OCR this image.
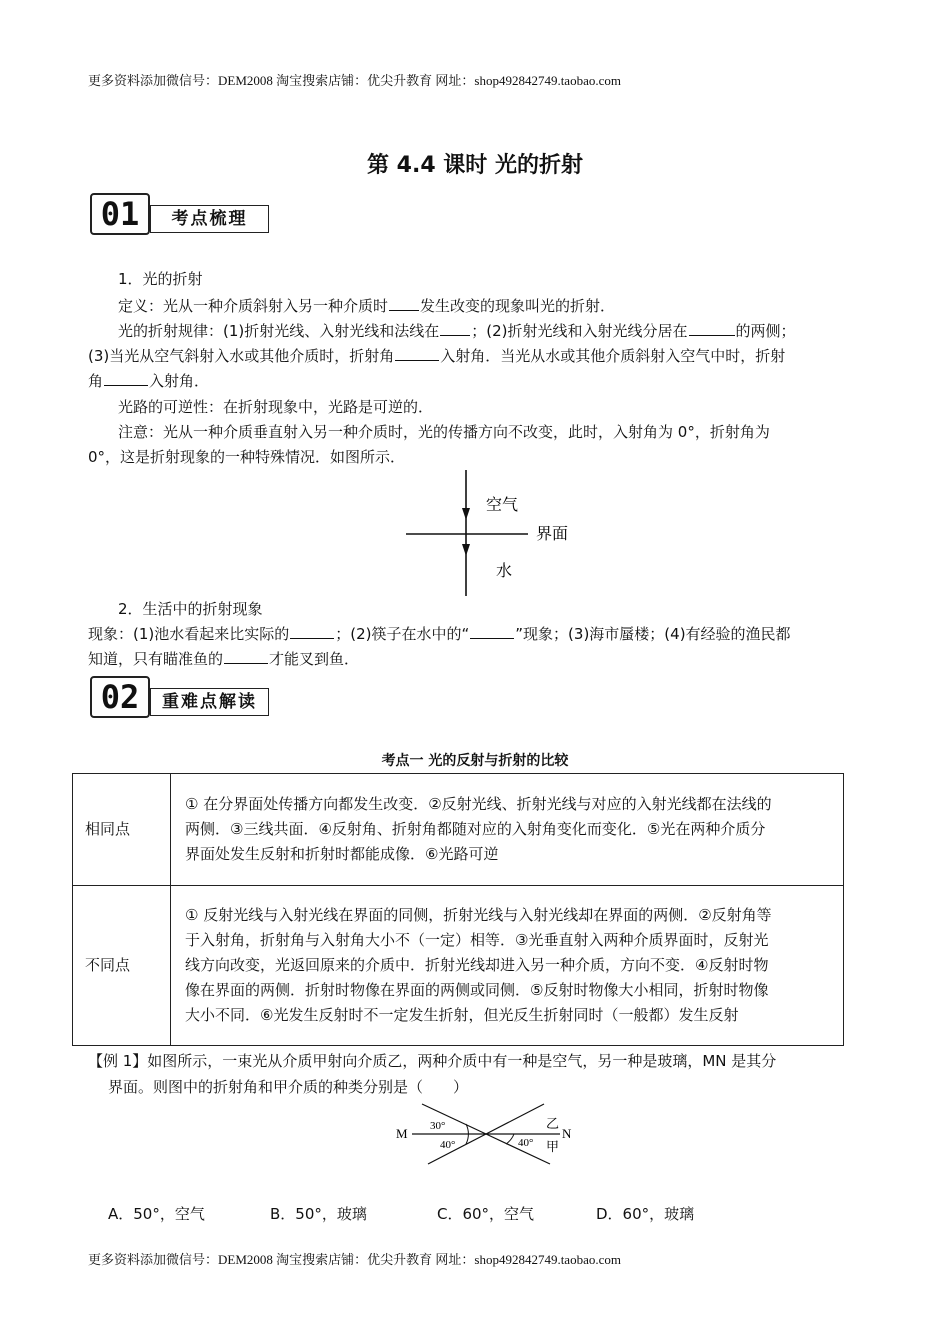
更多资料添加微信号：DEM2008 淘宝搜索店铺：优尖升教育 网址：shop492842749.taobao.com
第 4.4 课时 光的折射
01	考点梳理
1．光的折射
定义：光从一种介质斜射入另一种介质时 发生改变的现象叫光的折射．
光的折射规律：(1)折射光线、入射光线和法线在 ；(2)折射光线和入射光线分居在	的两侧；
(3)当光从空气斜射入水或其他介质时，折射角	入射角．当光从水或其他介质斜射入空气中时，折射
角	入射角．
光路的可逆性：在折射现象中，光路是可逆的．
注意：光从一种介质垂直射入另一种介质时，光的传播方向不改变，此时，入射角为 0°，折射角为
0°，这是折射现象的一种特殊情况．如图所示．
空气
界面
水
2．生活中的折射现象
现象：(1)池水看起来比实际的	；(2)筷子在水中的“	”现象；(3)海市蜃楼；(4)有经验的渔民都
知道，只有瞄准鱼的	才能叉到鱼．
02	重难点解读
考点一 光的反射与折射的比较
相同点	① 在分界面处传播方向都发生改变．②反射光线、折射光线与对应的入射光线都在法线的
两侧．③三线共面．④反射角、折射角都随对应的入射角变化而变化．⑤光在两种介质分
界面处发生反射和折射时都能成像．⑥光路可逆

不同点	① 反射光线与入射光线在界面的同侧，折射光线与入射光线却在界面的两侧．②反射角等
于入射角，折射角与入射角大小不（一定）相等．③光垂直射入两种介质界面时，反射光
线方向改变，光返回原来的介质中．折射光线却进入另一种介质，方向不变．④反射时物
像在界面的两侧．折射时物像在界面的两侧或同侧．⑤反射时物像大小相同，折射时物像
大小不同．⑥光发生反射时不一定发生折射，但光反生折射同时（一般都）发生反射
【例 1】如图所示，一束光从介质甲射向介质乙，两种介质中有一种是空气，另一种是玻璃，MN 是其分
界面。则图中的折射角和甲介质的种类分别是（　　）
M	N
30°
40°	40°
乙
甲
A．50°，空气	B．50°，玻璃	C．60°，空气	D．60°，玻璃
更多资料添加微信号：DEM2008 淘宝搜索店铺：优尖升教育 网址：shop492842749.taobao.com
